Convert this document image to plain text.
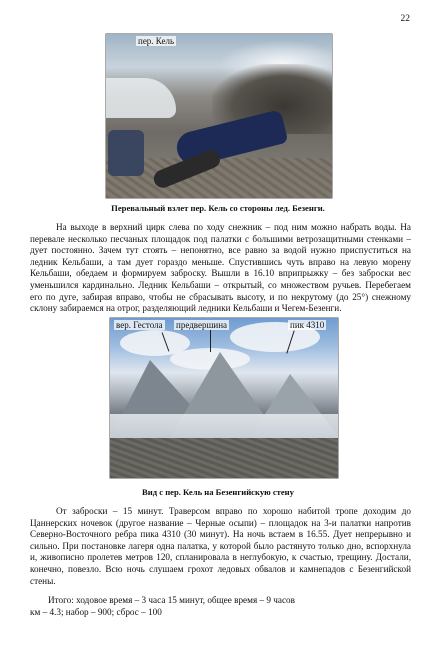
22
пер. Кель
Перевальный взлет пер. Кель со стороны лед. Безенги.

На выходе в верхний цирк слева по ходу снежник – под ним можно набрать воды. На перевале несколько песчаных площадок под палатки с большими ветрозащитными стенками – дует постоянно. Зачем тут стоять – непонятно, все равно за водой нужно приспуститься на ледник Кельбаши, а там дует гораздо меньше. Спустившись чуть вправо на левую морену Кельбаши, обедаем и формируем заброску. Вышли в 16.10 вприпрыжку – без заброски вес уменьшился кардинально. Ледник Кельбаши – открытый, со множеством ручьев. Перебегаем его по дуге, забирая вправо, чтобы не сбрасывать высоту, и по некрутому (до 25°) снежному склону забираемся на отрог, разделяющий ледники Кельбаши и Чегем-Безенги.

вер. Гестола предвершина	пик 4310
Вид с пер. Кель на Безенгийскую стену

От заброски – 15 минут. Траверсом вправо по хорошо набитой тропе доходим до Цаннерских ночевок (другое название – Черные осыпи) – площадок на 3-и палатки напротив Северно-Восточного ребра пика 4310 (30 минут). На ночь встаем в 16.55. Дует непрерывно и сильно. При постановке лагеря одна палатка, у которой было растянуто только дно, вспорхнула и, живописно пролетев метров 120, спланировала в неглубокую, к счастью, трещину. Достали, конечно, повезло. Всю ночь слушаем грохот ледовых обвалов и камнепадов с Безенгийской стены.

Итого: ходовое время – 3 часа 15 минут, общее время – 9 часов
км – 4.3; набор – 900; сброс – 100
